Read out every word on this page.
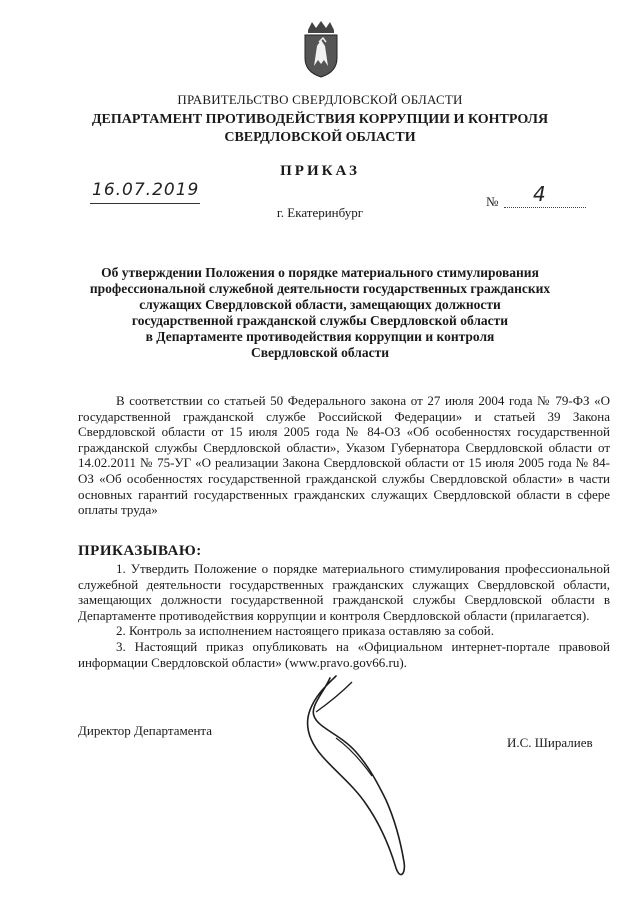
ПРАВИТЕЛЬСТВО СВЕРДЛОВСКОЙ ОБЛАСТИ
ДЕПАРТАМЕНТ ПРОТИВОДЕЙСТВИЯ КОРРУПЦИИ И КОНТРОЛЯ
СВЕРДЛОВСКОЙ ОБЛАСТИ
ПРИКАЗ
16.07.2019
№ 4
г. Екатеринбург
Об утверждении Положения о порядке материального стимулирования
профессиональной служебной деятельности государственных гражданских
служащих Свердловской области, замещающих должности
государственной гражданской службы Свердловской области
в Департаменте противодействия коррупции и контроля
Свердловской области

В соответствии со статьей 50 Федерального закона от 27 июля 2004 года № 79-ФЗ «О государственной гражданской службе Российской Федерации» и статьей 39 Закона Свердловской области от 15 июля 2005 года № 84-ОЗ «Об особенностях государственной гражданской службы Свердловской области», Указом Губернатора Свердловской области от 14.02.2011 № 75-УГ «О реализации Закона Свердловской области от 15 июля 2005 года № 84-ОЗ «Об особенностях государственной гражданской службы Свердловской области» в части основных гарантий государственных гражданских служащих Свердловской области в сфере оплаты труда»

ПРИКАЗЫВАЮ:

1. Утвердить Положение о порядке материального стимулирования профессиональной служебной деятельности государственных гражданских служащих Свердловской области, замещающих должности государственной гражданской службы Свердловской области в Департаменте противодействия коррупции и контроля Свердловской области (прилагается).

2. Контроль за исполнением настоящего приказа оставляю за собой.

3. Настоящий приказ опубликовать на «Официальном интернет-портале правовой информации Свердловской области» (www.pravo.gov66.ru).

Директор Департамента
И.С. Ширалиев
